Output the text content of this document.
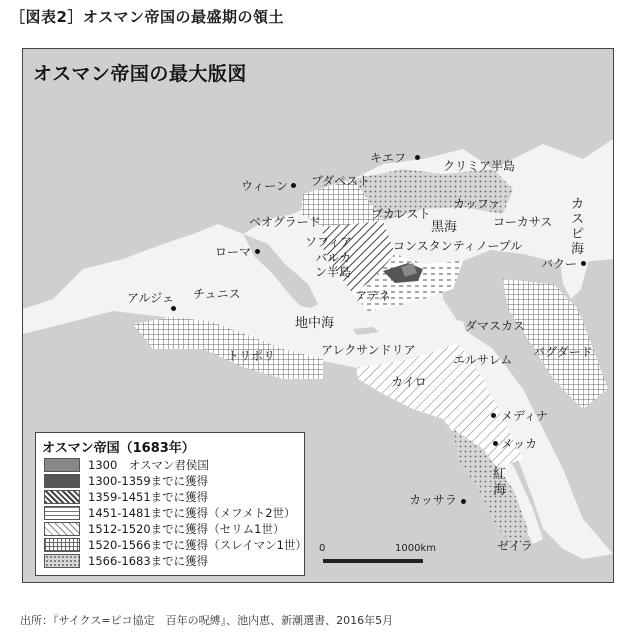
［図表2］オスマン帝国の最盛期の領土
オスマン帝国の最大版図
キエフ
クリミア半島
ウィーン ブダペスト
ベオグラード
ブカレスト
カッファ
コーカサス
カスピ海
黒海
ソフィア
バルカン半島
コンスタンティノープル
バクー
ローマ
アテネ
アルジェ チュニス
地中海	ダマスカス
トリポリ	アレクサンドリア
エルサレム
バグダード
カイロ
メディナ
メッカ
紅海
カッサラ
ゼイラ
0	1000km
オスマン帝国（1683年）
1300　オスマン君侯国
1300-1359までに獲得
1359-1451までに獲得
1451-1481までに獲得（メフメト2世）
1512-1520までに獲得（セリム1世）
1520-1566までに獲得（スレイマン1世）
1566-1683までに獲得
出所：『サイクス=ピコ協定　百年の呪縛』、池内恵、新潮選書、2016年5月
